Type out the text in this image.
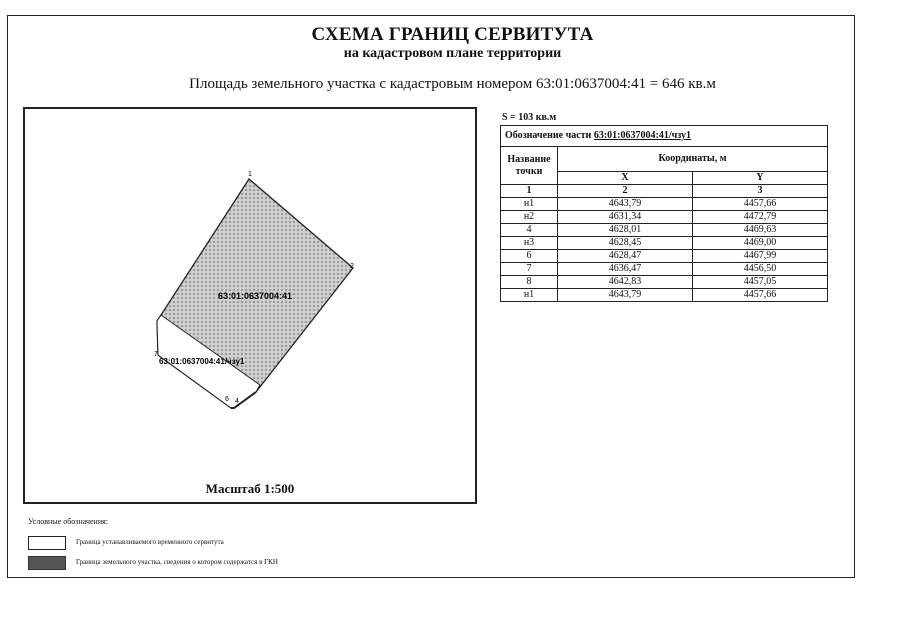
СХЕМА ГРАНИЦ СЕРВИТУТА
на кадастровом плане территории
Площадь земельного участка с кадастровым номером 63:01:0637004:41 = 646 кв.м
63:01:0637004:41
63:01:0637004:41/чзу1
1
2
4
6
7
Масштаб 1:500
S = 103 кв.м
Обозначение части 63:01:0637004:41/чзу1		
Название точки	Координаты, м	
	X	Y
1	2	3
н1	4643,79	4457,66
н2	4631,34	4472,79
4	4628,01	4469,63
н3	4628,45	4469,00
6	4628,47	4467,99
7	4636,47	4456,50
8	4642,83	4457,05
н1	4643,79	4457,66
Условные обозначения:
Граница устанавливаемого временного сервитута
Граница земельного участка, сведения о котором содержатся в ГКН
